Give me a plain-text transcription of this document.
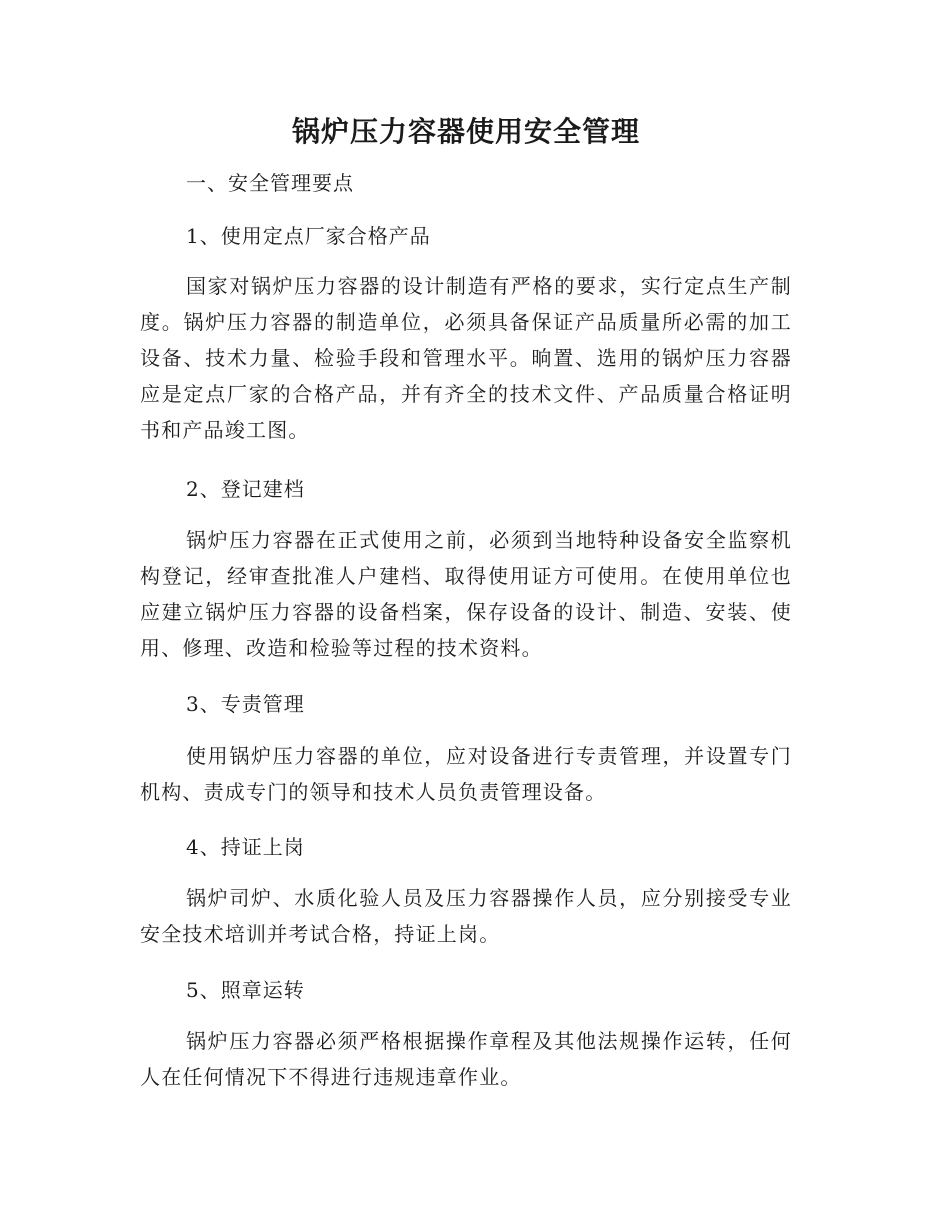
锅炉压力容器使用安全管理

一、安全管理要点

1、使用定点厂家合格产品

国家对锅炉压力容器的设计制造有严格的要求，实行定点生产制度。锅炉压力容器的制造单位，必须具备保证产品质量所必需的加工设备、技术力量、检验手段和管理水平。晌置、选用的锅炉压力容器应是定点厂家的合格产品，并有齐全的技术文件、产品质量合格证明书和产品竣工图。

2、登记建档

锅炉压力容器在正式使用之前，必须到当地特种设备安全监察机构登记，经审查批准人户建档、取得使用证方可使用。在使用单位也应建立锅炉压力容器的设备档案，保存设备的设计、制造、安装、使用、修理、改造和检验等过程的技术资料。

3、专责管理

使用锅炉压力容器的单位，应对设备进行专责管理，并设置专门机构、责成专门的领导和技术人员负责管理设备。

4、持证上岗

锅炉司炉、水质化验人员及压力容器操作人员，应分别接受专业安全技术培训并考试合格，持证上岗。

5、照章运转

锅炉压力容器必须严格根据操作章程及其他法规操作运转，任何人在任何情况下不得进行违规违章作业。
